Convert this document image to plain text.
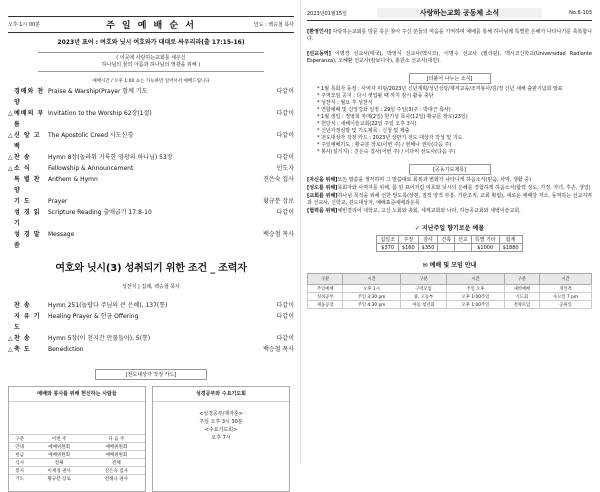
오후 1시 00분	주 일 예 배 순 서	인도 : 백승철 목사
2023년 표어 : 여호와 닛시 여호와가 대대로 싸우리라(출 17:15-16)
( 이곳에 사랑하는교회를 세우신
하나님의 꿈의 아름과 하나님의 영광을 위해 )
예배시간 / 오후 1:00 쇼는 가능하면 일어서서 예배드립니다
경배와 찬양
Praise & Warship(Prayer 함께 기도	다같이
△ 예배의 부름
Invitation to the Worship 62장(1절)	다같이
△ 신 앙 고 백
The Apostolic Creed 사도신경	다같이
△ 찬 송	Hymn 8장(놀라워 거룩한 영광의 하나님) 53장	다같이
△ 소 식	Fellowship & Announcement	인도자
특 별 찬 양
Anthem & Hymn	진은숙 집사
기 도	Prayer	황규분 장로
성 경 읽 기
Scripture Reading 출애굽기 17:8-10	다같이
성 경 말 씀
Message	백승철 목사
여호와 닛시(3) 성취되기 위한 조건 _ 조력자
성찬식 | 집례, 백승철 목사
찬 송	Hymn 251(놀랍다 주님의 큰 은혜), 137(통)	다같이
지 유 기 도
Healing Prayer & 헌금 Offering	다같이
△ 찬 송	Hymn 5장(이 천지간 만물들아), 5(통)	다같이
△ 축 도	Benediction	백승철 목사
[전도대상자 작정 카드]
예배와 봉사를 위해 헌신하는 사람들
구분	이번 주	다 음 주
안내	예배위원회	예배위원회
헌금	예배위원회	예배위원회
식사	전체	전체
봉사	이재경 권사	진은숙 집사
기도	황규분 장로	전해나 권사
성경공부와 수요기도회
<성경공부/제자훈>
주일 오후 3시 30분
<수요기도회>
오후 7시
2023년01월15일	사랑하는교회 공동체 소식	No.6-103
[환영인사] 사랑하는교회를 방문 혹은 찾아 주신 분들의 마음을 기억하며 예배를 통해 하나님께 특별한 은혜가 나타나기를 축복합니다.
[선교동역] 이병경 선교사(태국), 박영식 선교사(멕시코), 이명수 선교사 (필리핀), 멕시코신학교(Universidad Radiante Esperanza), 오혜환 선교사(캄보디아), 홍원소 선교사(대만).
[더불어 나누는 소식]
* 1월 목회자 동정 : 사역자 미팅/2023년 신년계획/성년성탕/제직교육/조직봉사/김/정 신년 새해 출판기념회 발표
* 구역모임 공지 : 다시 셋업될 때 까지 잠시 활동 중단
* 성찬식 : 월요 후 성찬식
* 연합예배 및 신앙강좌 일정 : 29일 주일(3)주 : 박대근 목사)
* 1월 생일 : 정영희 자매(2일) 한기성 목사(12일) 황규문 장로(23일)
* 헌당식 : 새해이슬교회(22일 주일 오후 3시)
* 신년가정심방 및 기도제목 : 신청 및 제출
* 전도대상자 작정 카드 : 2023년 상반기 전도 대상자 작성 및 기도
* 주일예배기도 : 황규분 장로(이번 주) / 현해나 권사(다음 주)
* 봉사(설거지) : 진은숙 집사(이번 주) / 이다미 전도사(다음 주)
[공동기도제목]
[자신을 위해]모든 말씀을 생각하며 그 말씀대로 회복과 변화가 나타나게 하옵소서(믿음, 사역, 생활 중)
[성도를 위해]목회자와 사역자를 위해, 몸 된 표어처럼 여호와 닛시의 은혜를 경험하게 하옵소서(합력 성도: 가정, 자녀, 후손, 생업)
[교회를 위해]하나님 목적을 위해 선한 말도록(상천, 질적 양적 부흥, 기관조직, 교회 확립), 새로운 예배당 처소, 동역하는 선교지역과 선교사, 신학교, 전도대상자, 예배표준예배과운목
[협력을 위해]예빈결리어 대학교, 고신 노회와 총회, 세계교회와 나라, 하늘공교회와 새벽이슬교회.
✓ 지난주일 향기로운 예물
십일조	주정	감사	건축	선교	특별 기타	합계
$370	$160	$350			$1000	$1880
✉ 예배 및 모임 안내
구분	시간	구분	시간	구분	시간
주일예배	오후 1시	구역모임	주일 오후	새벽예배	개인적
성경공부	주일 3:30 pm	중, 고등부	오후 1:00주일	기도회	수요일 7 pm
제품공장	주일 4:30 pm	아동 청년회	오후 1:00주일	전략모임	공휴일
